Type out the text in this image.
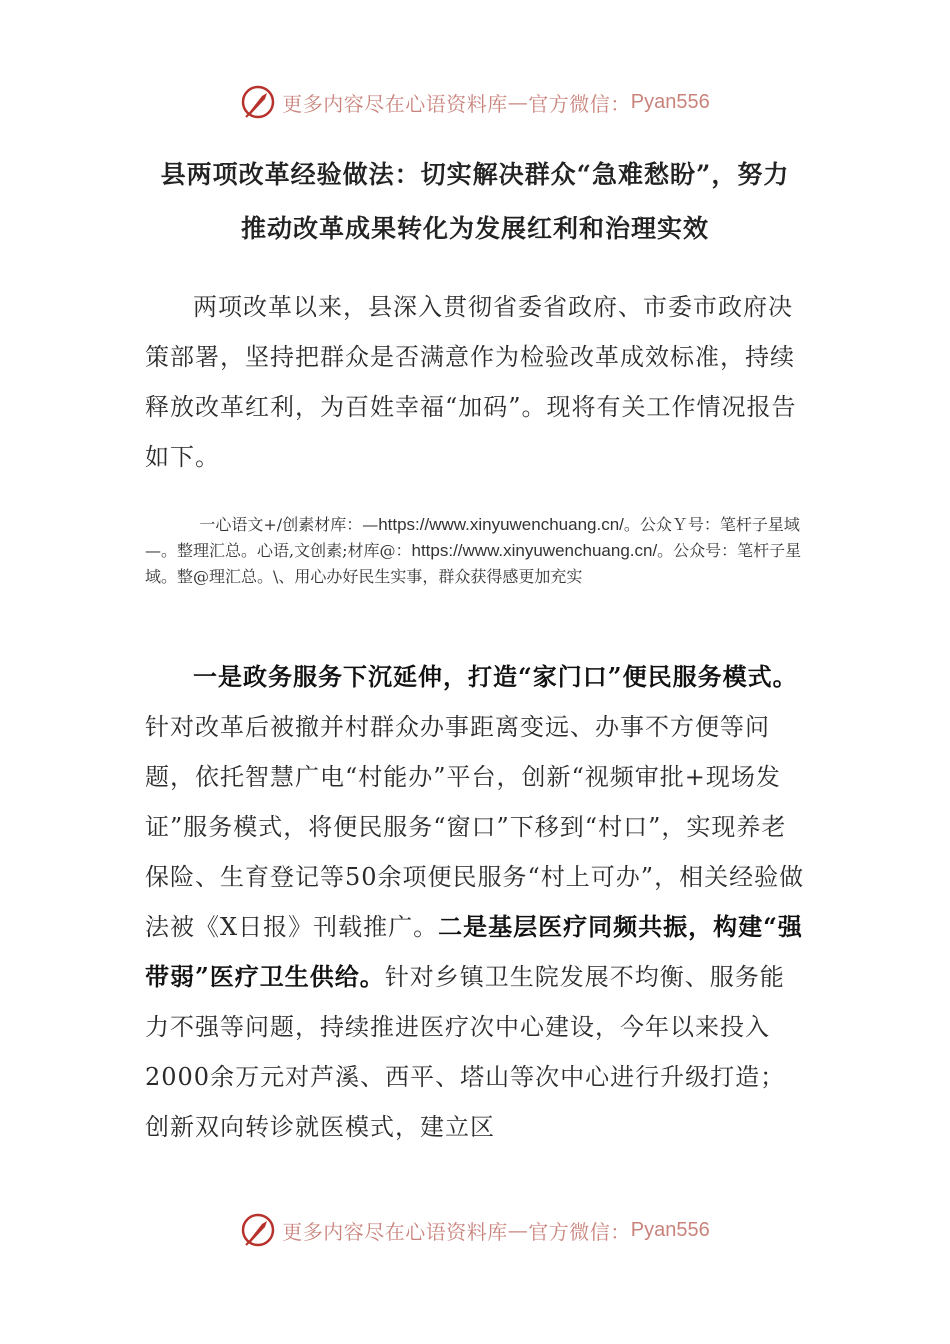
更多内容尽在心语资料库 — 官方微信： Pyan556
县两项改革经验做法：切实解决群众“急难愁盼”，努力
推动改革成果转化为发展红利和治理实效

两项改革以来，县深入贯彻省委省政府、市委市政府决策部署，坚持把群众是否满意作为检验改革成效标准，持续释放改革红利，为百姓幸福“加码”。现将有关工作情况报告如下。

一心语文+/创素材库：—https://www.xinyuwenchuang.cn/。公众Ｙ号：笔杆子星域—。整理汇总。心语,文创素;材库@：https://www.xinyuwenchuang.cn/。公众号：笔杆子星域。整@理汇总。\、用心办好民生实事，群众获得感更加充实

一是政务服务下沉延伸，打造“家门口”便民服务模式。针对改革后被撤并村群众办事距离变远、办事不方便等问题，依托智慧广电“村能办”平台，创新“视频审批+现场发证”服务模式，将便民服务“窗口”下移到“村口”，实现养老保险、生育登记等50余项便民服务“村上可办”，相关经验做法被《X日报》刊载推广。二是基层医疗同频共振，构建“强带弱”医疗卫生供给。针对乡镇卫生院发展不均衡、服务能力不强等问题，持续推进医疗次中心建设，今年以来投入2000余万元对芦溪、西平、塔山等次中心进行升级打造；创新双向转诊就医模式，建立区

更多内容尽在心语资料库 — 官方微信： Pyan556
